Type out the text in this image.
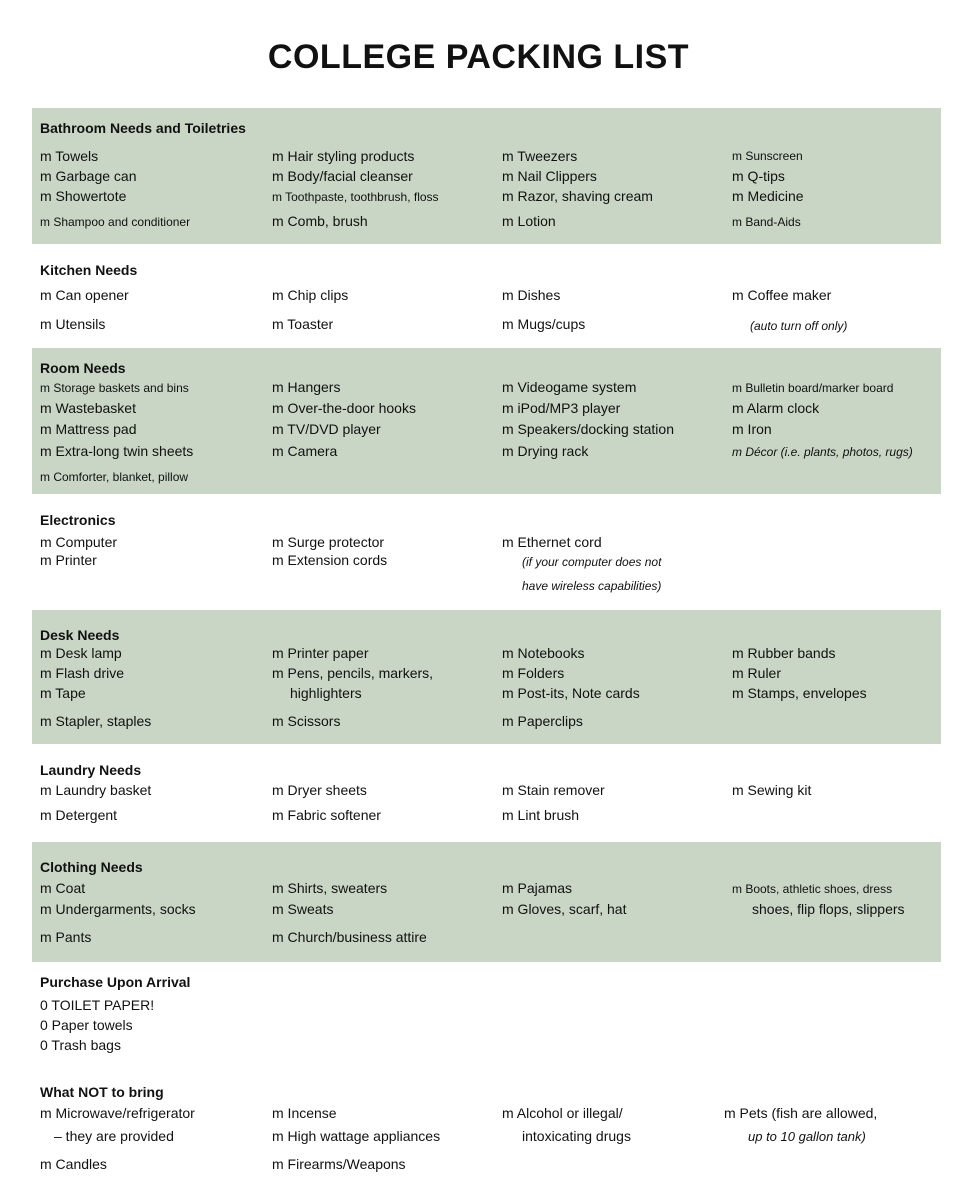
COLLEGE PACKING LIST
Bathroom Needs and Toiletries
m Towels	m Hair styling products	m Tweezers	m Sunscreen
m Garbage can	m Body/facial cleanser	m Nail Clippers	m Q-tips
m Showertote	m Toothpaste, toothbrush, floss	m Razor, shaving cream	m Medicine
m Shampoo and conditioner	m Comb, brush	m Lotion	m Band-Aids
Kitchen Needs
m Can opener	m Chip clips	m Dishes	m Coffee maker
m Utensils	m Toaster	m Mugs/cups	(auto turn off only)
Room Needs
m Storage baskets and bins	m Hangers	m Videogame system	m Bulletin board/marker board
m Wastebasket	m Over-the-door hooks	m iPod/MP3 player	m Alarm clock
m Mattress pad	m TV/DVD player	m Speakers/docking station	m Iron
m Extra-long twin sheets	m Camera	m Drying rack	m Décor (i.e. plants, photos, rugs)
m Comforter, blanket, pillow
Electronics
m Computer	m Surge protector	m Ethernet cord
m Printer	m Extension cords	(if your computer does not
have wireless capabilities)
Desk Needs
m Desk lamp	m Printer paper	m Notebooks	m Rubber bands
m Flash drive	m Pens, pencils, markers,	m Folders	m Ruler
m Tape	highlighters	m Post-its, Note cards	m Stamps, envelopes
m Stapler, staples	m Scissors	m Paperclips
Laundry Needs
m Laundry basket	m Dryer sheets	m Stain remover	m Sewing kit
m Detergent	m Fabric softener	m Lint brush
Clothing Needs
m Coat	m Shirts, sweaters	m Pajamas	m Boots, athletic shoes, dress
m Undergarments, socks	m Sweats	m Gloves, scarf, hat	shoes, flip flops, slippers
m Pants	m Church/business attire
Purchase Upon Arrival
0 TOILET PAPER!
0 Paper towels
0 Trash bags
What NOT to bring
m Microwave/refrigerator	m Incense	m Alcohol or illegal/	m Pets (fish are allowed,
– they are provided	m High wattage appliances	intoxicating drugs	up to 10 gallon tank)
m Candles	m Firearms/Weapons
